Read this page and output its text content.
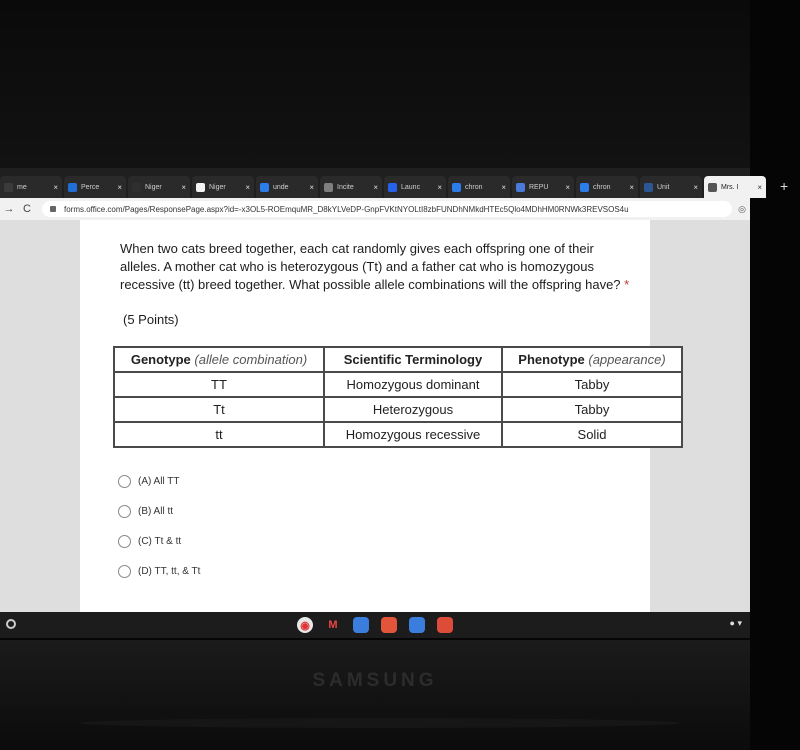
me	×	Perce	×	Niger	×	Niger	×	unde	×	Incite	×	Launc	×	chron	×	REPU	×	chron	×	Unit	×	Mrs. I	×	+
→ C	forms.office.com/Pages/ResponsePage.aspx?id=-x3OL5-ROEmquMR_D8kYLVeDP-GnpFVKtNYOLtI8zbFUNDhNMkdHTEc5Qlo4MDhHM0RNWk3REVSOS4u	◎
When two cats breed together, each cat randomly gives each offspring one of their alleles. A mother cat who is heterozygous (Tt) and a father cat who is homozygous recessive (tt) breed together. What possible allele combinations will the offspring have? *
(5 Points)
Genotype (allele combination)	Scientific Terminology	Phenotype (appearance)
TT	Homozygous dominant	Tabby
Tt	Heterozygous	Tabby
tt	Homozygous recessive	Solid
(A) All TT
(B) All tt
(C) Tt & tt
(D) TT, tt, & Tt
◉	M	● ▾
SAMSUNG
